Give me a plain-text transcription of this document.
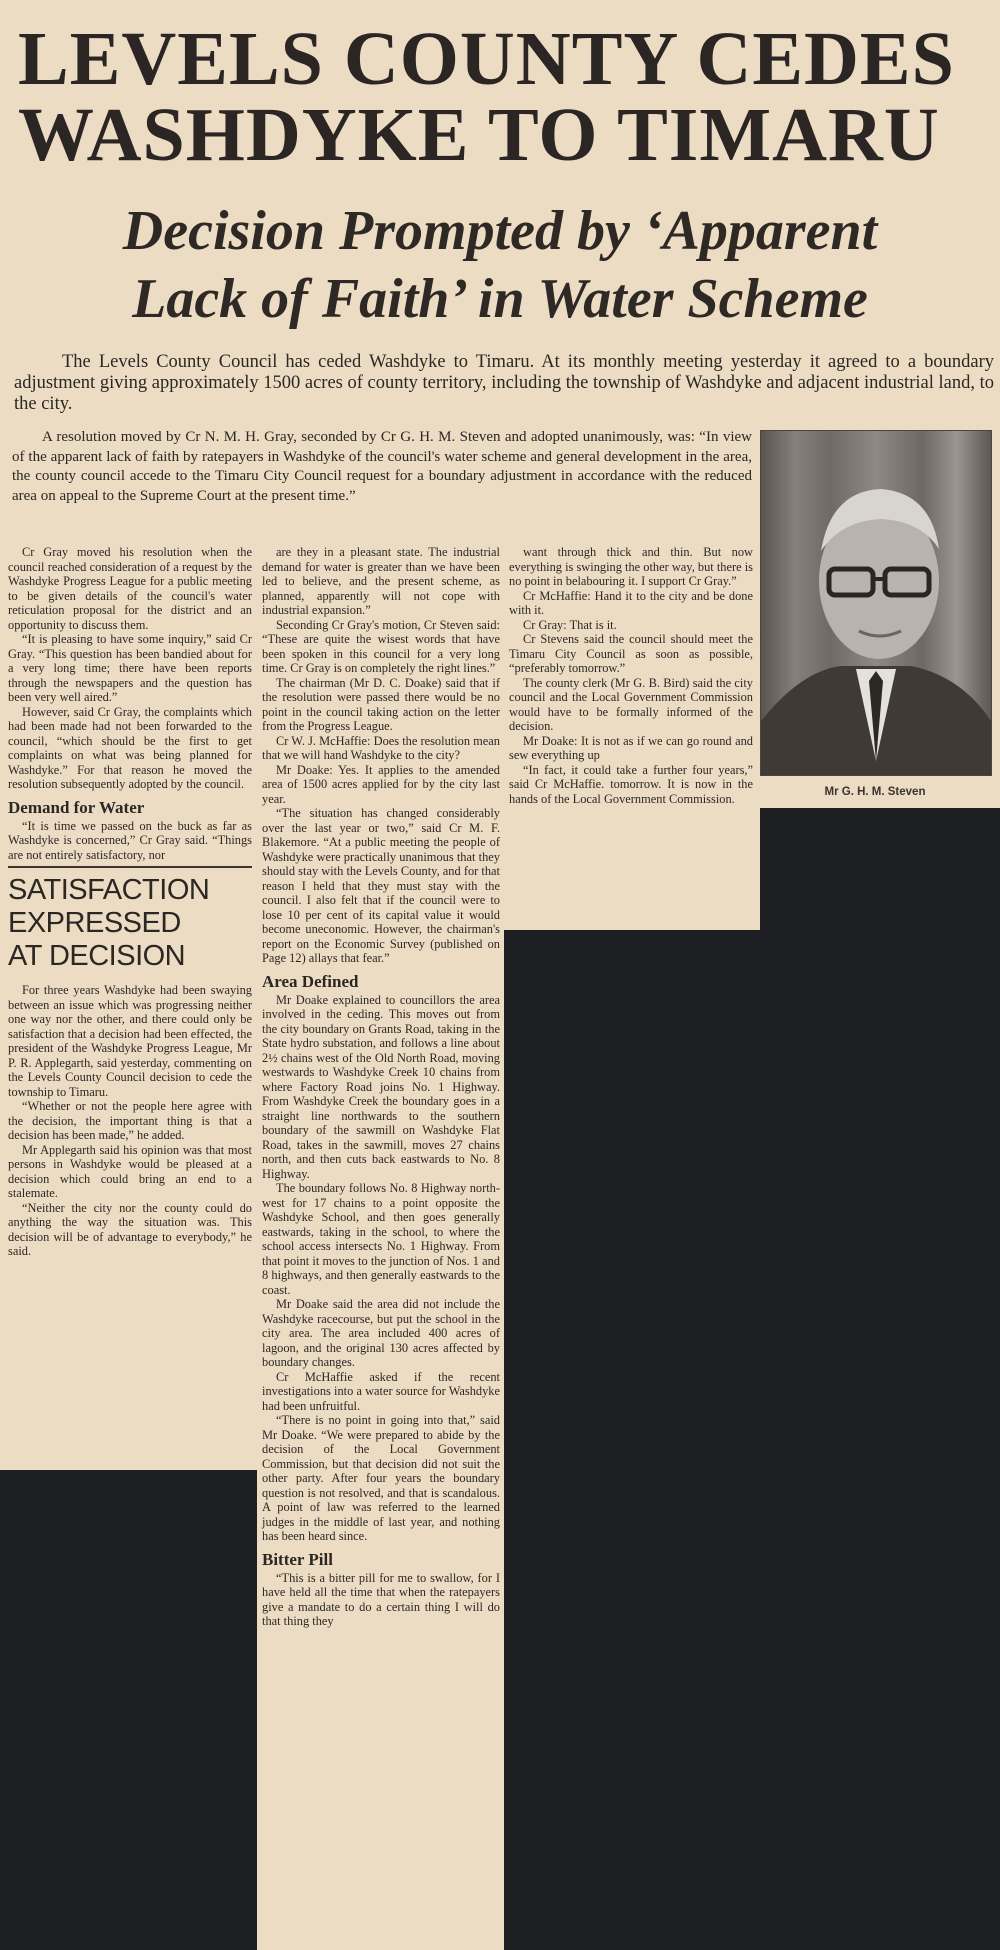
LEVELS COUNTY CEDES
WASHDYKE TO TIMARU
Decision Prompted by ‘Apparent
Lack of Faith’ in Water Scheme
The Levels County Council has ceded Washdyke to Timaru. At its monthly meeting yesterday it agreed to a boundary adjustment giving approximately 1500 acres of county territory, including the township of Washdyke and adjacent industrial land, to the city.
A resolution moved by Cr N. M. H. Gray, seconded by Cr G. H. M. Steven and adopted unanimously, was: “In view of the apparent lack of faith by ratepayers in Washdyke of the council's water scheme and general development in the area, the county council accede to the Timaru City Council request for a boundary adjustment in accordance with the reduced area on appeal to the Supreme Court at the present time.”
Mr G. H. M. Steven

Cr Gray moved his resolution when the council reached consideration of a request by the Washdyke Progress League for a public meeting to be given details of the council's water reticulation proposal for the district and an opportunity to discuss them.

“It is pleasing to have some inquiry,” said Cr Gray. “This question has been bandied about for a very long time; there have been reports through the newspapers and the question has been very well aired.”

However, said Cr Gray, the complaints which had been made had not been forwarded to the council, “which should be the first to get complaints on what was being planned for Washdyke.” For that reason he moved the resolution subsequently adopted by the council.

Demand for Water

“It is time we passed on the buck as far as Washdyke is concerned,” Cr Gray said. “Things are not entirely satisfactory, nor

SATISFACTION
EXPRESSED
AT DECISION

For three years Washdyke had been swaying between an issue which was progressing neither one way nor the other, and there could only be satisfaction that a decision had been effected, the president of the Washdyke Progress League, Mr P. R. Applegarth, said yesterday, commenting on the Levels County Council decision to cede the township to Timaru.

“Whether or not the people here agree with the decision, the important thing is that a decision has been made,” he added.

Mr Applegarth said his opinion was that most persons in Washdyke would be pleased at a decision which could bring an end to a stalemate.

“Neither the city nor the county could do anything the way the situation was. This decision will be of advantage to everybody,” he said.

are they in a pleasant state. The industrial demand for water is greater than we have been led to believe, and the present scheme, as planned, apparently will not cope with industrial expansion.”

Seconding Cr Gray's motion, Cr Steven said: “These are quite the wisest words that have been spoken in this council for a very long time. Cr Gray is on completely the right lines.”

The chairman (Mr D. C. Doake) said that if the resolution were passed there would be no point in the council taking action on the letter from the Progress League.

Cr W. J. McHaffie: Does the resolution mean that we will hand Washdyke to the city?

Mr Doake: Yes. It applies to the amended area of 1500 acres applied for by the city last year.

“The situation has changed considerably over the last year or two,” said Cr M. F. Blakemore. “At a public meeting the people of Washdyke were practically unanimous that they should stay with the Levels County, and for that reason I held that they must stay with the council. I also felt that if the council were to lose 10 per cent of its capital value it would become uneconomic. However, the chairman's report on the Economic Survey (published on Page 12) allays that fear.”

Area Defined

Mr Doake explained to councillors the area involved in the ceding. This moves out from the city boundary on Grants Road, taking in the State hydro substation, and follows a line about 2½ chains west of the Old North Road, moving westwards to Washdyke Creek 10 chains from where Factory Road joins No. 1 Highway. From Washdyke Creek the boundary goes in a straight line northwards to the southern boundary of the sawmill on Washdyke Flat Road, takes in the sawmill, moves 27 chains north, and then cuts back eastwards to No. 8 Highway.

The boundary follows No. 8 Highway north-west for 17 chains to a point opposite the Washdyke School, and then goes generally eastwards, taking in the school, to where the school access intersects No. 1 Highway. From that point it moves to the junction of Nos. 1 and 8 highways, and then generally eastwards to the coast.

Mr Doake said the area did not include the Washdyke racecourse, but put the school in the city area. The area included 400 acres of lagoon, and the original 130 acres affected by boundary changes.

Cr McHaffie asked if the recent investigations into a water source for Washdyke had been unfruitful.

“There is no point in going into that,” said Mr Doake. “We were prepared to abide by the decision of the Local Government Commission, but that decision did not suit the other party. After four years the boundary question is not resolved, and that is scandalous. A point of law was referred to the learned judges in the middle of last year, and nothing has been heard since.

Bitter Pill

“This is a bitter pill for me to swallow, for I have held all the time that when the ratepayers give a mandate to do a certain thing I will do that thing they

want through thick and thin. But now everything is swinging the other way, but there is no point in belabouring it. I support Cr Gray.”

Cr McHaffie: Hand it to the city and be done with it.

Cr Gray: That is it.

Cr Stevens said the council should meet the Timaru City Council as soon as possible, “preferably tomorrow.”

The county clerk (Mr G. B. Bird) said the city council and the Local Government Commission would have to be formally informed of the decision.

Mr Doake: It is not as if we can go round and sew everything up

“In fact, it could take a further four years,” said Cr McHaffie. tomorrow. It is now in the hands of the Local Government Commission.
